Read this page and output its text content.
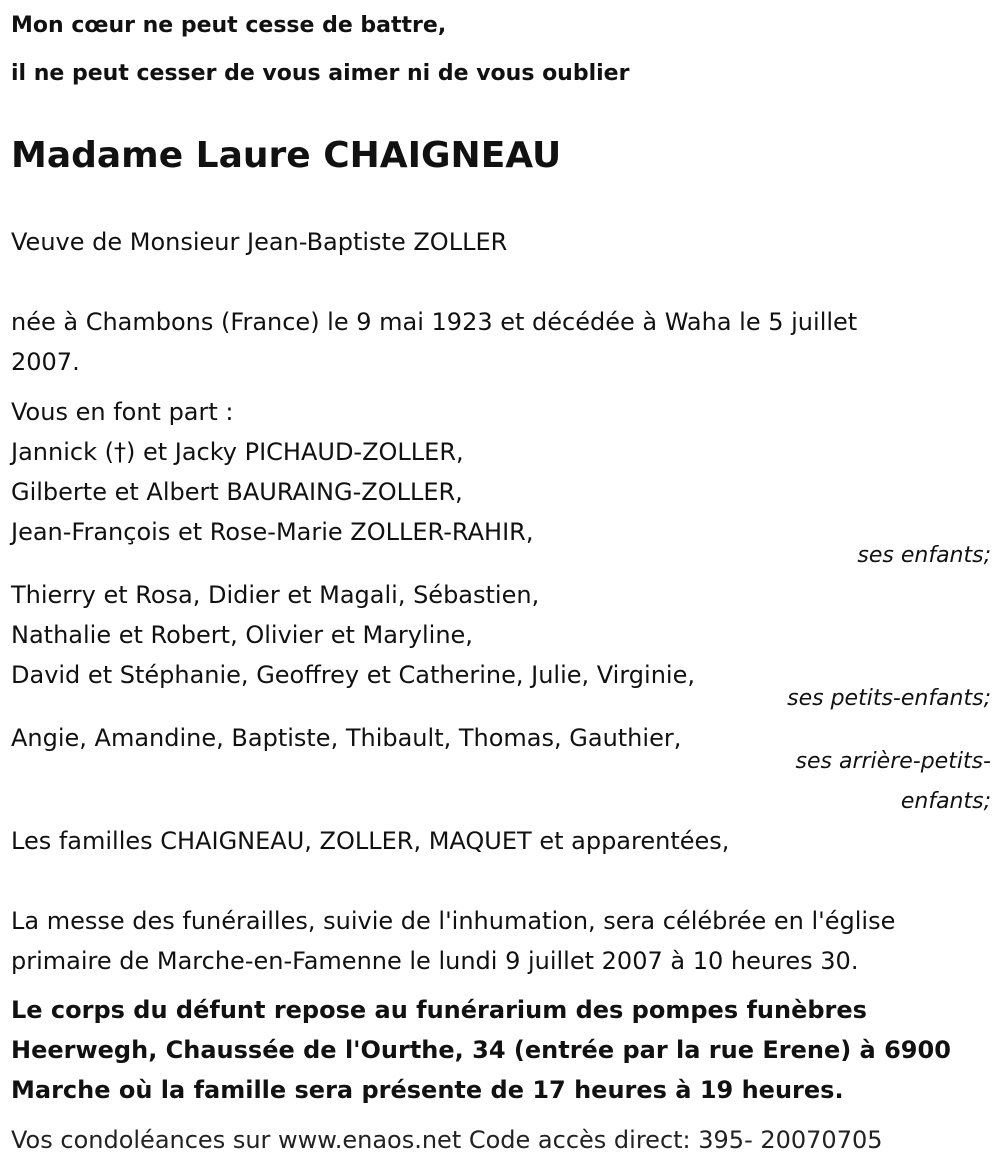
Mon cœur ne peut cesse de battre,
il ne peut cesser de vous aimer ni de vous oublier
Madame Laure CHAIGNEAU
Veuve de Monsieur Jean-Baptiste ZOLLER
née à Chambons (France) le 9 mai 1923 et décédée à Waha le 5 juillet
2007.
Vous en font part :
Jannick (†) et Jacky PICHAUD-ZOLLER,
Gilberte et Albert BAURAING-ZOLLER,
Jean-François et Rose-Marie ZOLLER-RAHIR,
ses enfants;
Thierry et Rosa, Didier et Magali, Sébastien,
Nathalie et Robert, Olivier et Maryline,
David et Stéphanie, Geoffrey et Catherine, Julie, Virginie,
ses petits-enfants;
Angie, Amandine, Baptiste, Thibault, Thomas, Gauthier,
ses arrière-petits-
enfants;
Les familles CHAIGNEAU, ZOLLER, MAQUET et apparentées,
La messe des funérailles, suivie de l'inhumation, sera célébrée en l'église
primaire de Marche-en-Famenne le lundi 9 juillet 2007 à 10 heures 30.
Le corps du défunt repose au funérarium des pompes funèbres
Heerwegh, Chaussée de l'Ourthe, 34 (entrée par la rue Erene) à 6900
Marche où la famille sera présente de 17 heures à 19 heures.
Vos condoléances sur www.enaos.net Code accès direct: 395- 20070705
